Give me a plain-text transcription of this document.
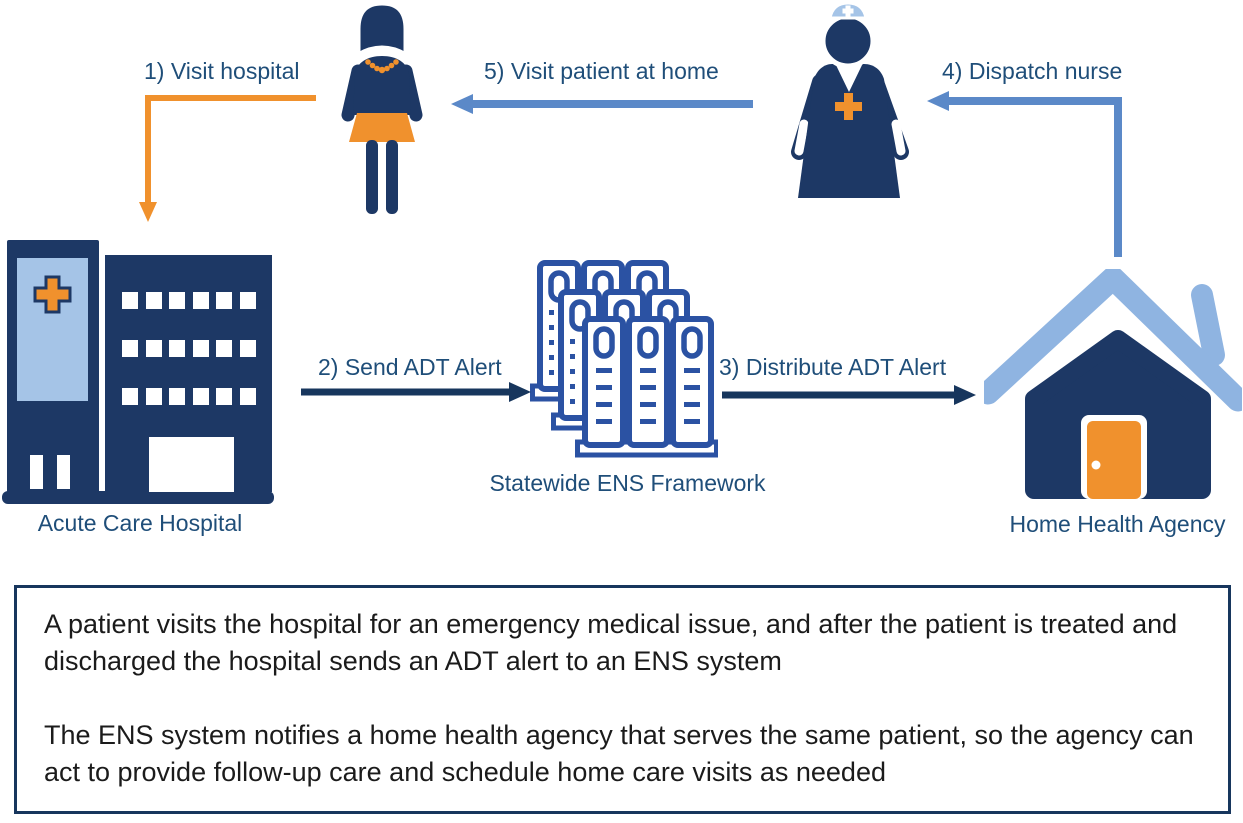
1) Visit hospital	5) Visit patient at home	4) Dispatch nurse
2) Send ADT Alert	3) Distribute ADT Alert
Acute Care Hospital
Statewide ENS Framework
Home Health Agency

A patient visits the hospital for an emergency medical issue, and after the patient is treated and discharged the hospital sends an ADT alert to an ENS system

The ENS system notifies a home health agency that serves the same patient, so the agency can act to provide follow-up care and schedule home care visits as needed
